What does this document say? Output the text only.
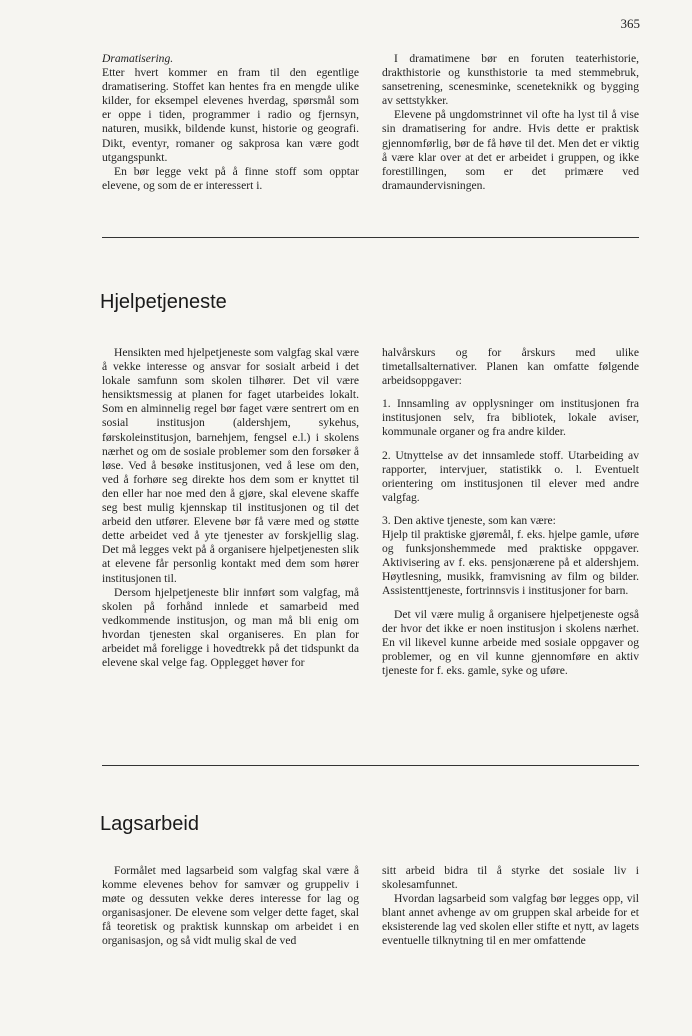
365
Dramatisering.

Etter hvert kommer en fram til den egentlige dramatisering. Stoffet kan hentes fra en mengde ulike kilder, for eksempel elevenes hverdag, spørsmål som er oppe i tiden, programmer i radio og fjernsyn, naturen, musikk, bildende kunst, historie og geografi. Dikt, eventyr, romaner og sakprosa kan være godt utgangspunkt.

En bør legge vekt på å finne stoff som opptar elevene, og som de er interessert i.

I dramatimene bør en foruten teaterhistorie, drakthistorie og kunsthistorie ta med stemmebruk, sansetrening, scenesminke, sceneteknikk og bygging av settstykker.

Elevene på ungdomstrinnet vil ofte ha lyst til å vise sin dramatisering for andre. Hvis dette er praktisk gjennomførlig, bør de få høve til det. Men det er viktig å være klar over at det er arbeidet i gruppen, og ikke forestillingen, som er det primære ved dramaundervisningen.

Hjelpetjeneste

Hensikten med hjelpetjeneste som valgfag skal være å vekke interesse og ansvar for sosialt arbeid i det lokale samfunn som skolen tilhører. Det vil være hensiktsmessig at planen for faget utarbeides lokalt. Som en alminnelig regel bør faget være sentrert om en sosial institusjon (aldershjem, sykehus, førskoleinstitusjon, barnehjem, fengsel e.l.) i skolens nærhet og om de sosiale problemer som den forsøker å løse. Ved å besøke institusjonen, ved å lese om den, ved å forhøre seg direkte hos dem som er knyttet til den eller har noe med den å gjøre, skal elevene skaffe seg best mulig kjennskap til institusjonen og til det arbeid den utfører. Elevene bør få være med og støtte dette arbeidet ved å yte tjenester av forskjellig slag. Det må legges vekt på å organisere hjelpetjenesten slik at elevene får personlig kontakt med dem som hører institusjonen til.

Dersom hjelpetjeneste blir innført som valgfag, må skolen på forhånd innlede et samarbeid med vedkommende institusjon, og man må bli enig om hvordan tjenesten skal organiseres. En plan for arbeidet må foreligge i hovedtrekk på det tidspunkt da elevene skal velge fag. Opplegget høver for

halvårskurs og for årskurs med ulike timetallsalternativer. Planen kan omfatte følgende arbeidsoppgaver:

1. Innsamling av opplysninger om institusjonen fra institusjonen selv, fra bibliotek, lokale aviser, kommunale organer og fra andre kilder.

2. Utnyttelse av det innsamlede stoff. Utarbeiding av rapporter, intervjuer, statistikk o. l. Eventuelt orientering om institusjonen til elever med andre valgfag.

3. Den aktive tjeneste, som kan være:

Hjelp til praktiske gjøremål, f. eks. hjelpe gamle, uføre og funksjonshemmede med praktiske oppgaver. Aktivisering av f. eks. pensjonærene på et aldershjem. Høytlesning, musikk, framvisning av film og bilder. Assistenttjeneste, fortrinnsvis i institusjoner for barn.

Det vil være mulig å organisere hjelpetjeneste også der hvor det ikke er noen institusjon i skolens nærhet. En vil likevel kunne arbeide med sosiale oppgaver og problemer, og en vil kunne gjennomføre en aktiv tjeneste for f. eks. gamle, syke og uføre.

Lagsarbeid

Formålet med lagsarbeid som valgfag skal være å komme elevenes behov for samvær og gruppeliv i møte og dessuten vekke deres interesse for lag og organisasjoner. De elevene som velger dette faget, skal få teoretisk og praktisk kunnskap om arbeidet i en organisasjon, og så vidt mulig skal de ved

sitt arbeid bidra til å styrke det sosiale liv i skolesamfunnet.

Hvordan lagsarbeid som valgfag bør legges opp, vil blant annet avhenge av om gruppen skal arbeide for et eksisterende lag ved skolen eller stifte et nytt, av lagets eventuelle tilknytning til en mer omfattende
